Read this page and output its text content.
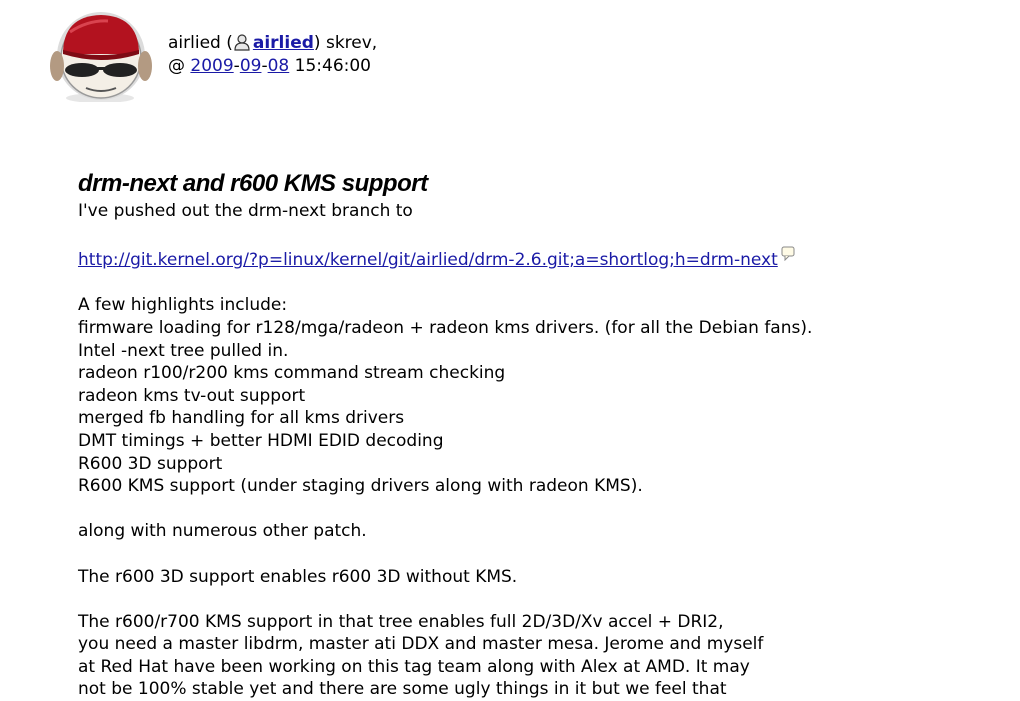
airlied ( airlied) skrev,
@ 2009-09-08 15:46:00
drm-next and r600 KMS support
I've pushed out the drm-next branch to
http://git.kernel.org/?p=linux/kernel/git/airlied/drm-2.6.git;a=shortlog;h=drm-next
A few highlights include:
firmware loading for r128/mga/radeon + radeon kms drivers. (for all the Debian fans).
Intel -next tree pulled in.
radeon r100/r200 kms command stream checking
radeon kms tv-out support
merged fb handling for all kms drivers
DMT timings + better HDMI EDID decoding
R600 3D support
R600 KMS support (under staging drivers along with radeon KMS).
along with numerous other patch.
The r600 3D support enables r600 3D without KMS.
The r600/r700 KMS support in that tree enables full 2D/3D/Xv accel + DRI2,
you need a master libdrm, master ati DDX and master mesa. Jerome and myself
at Red Hat have been working on this tag team along with Alex at AMD. It may
not be 100% stable yet and there are some ugly things in it but we feel that
